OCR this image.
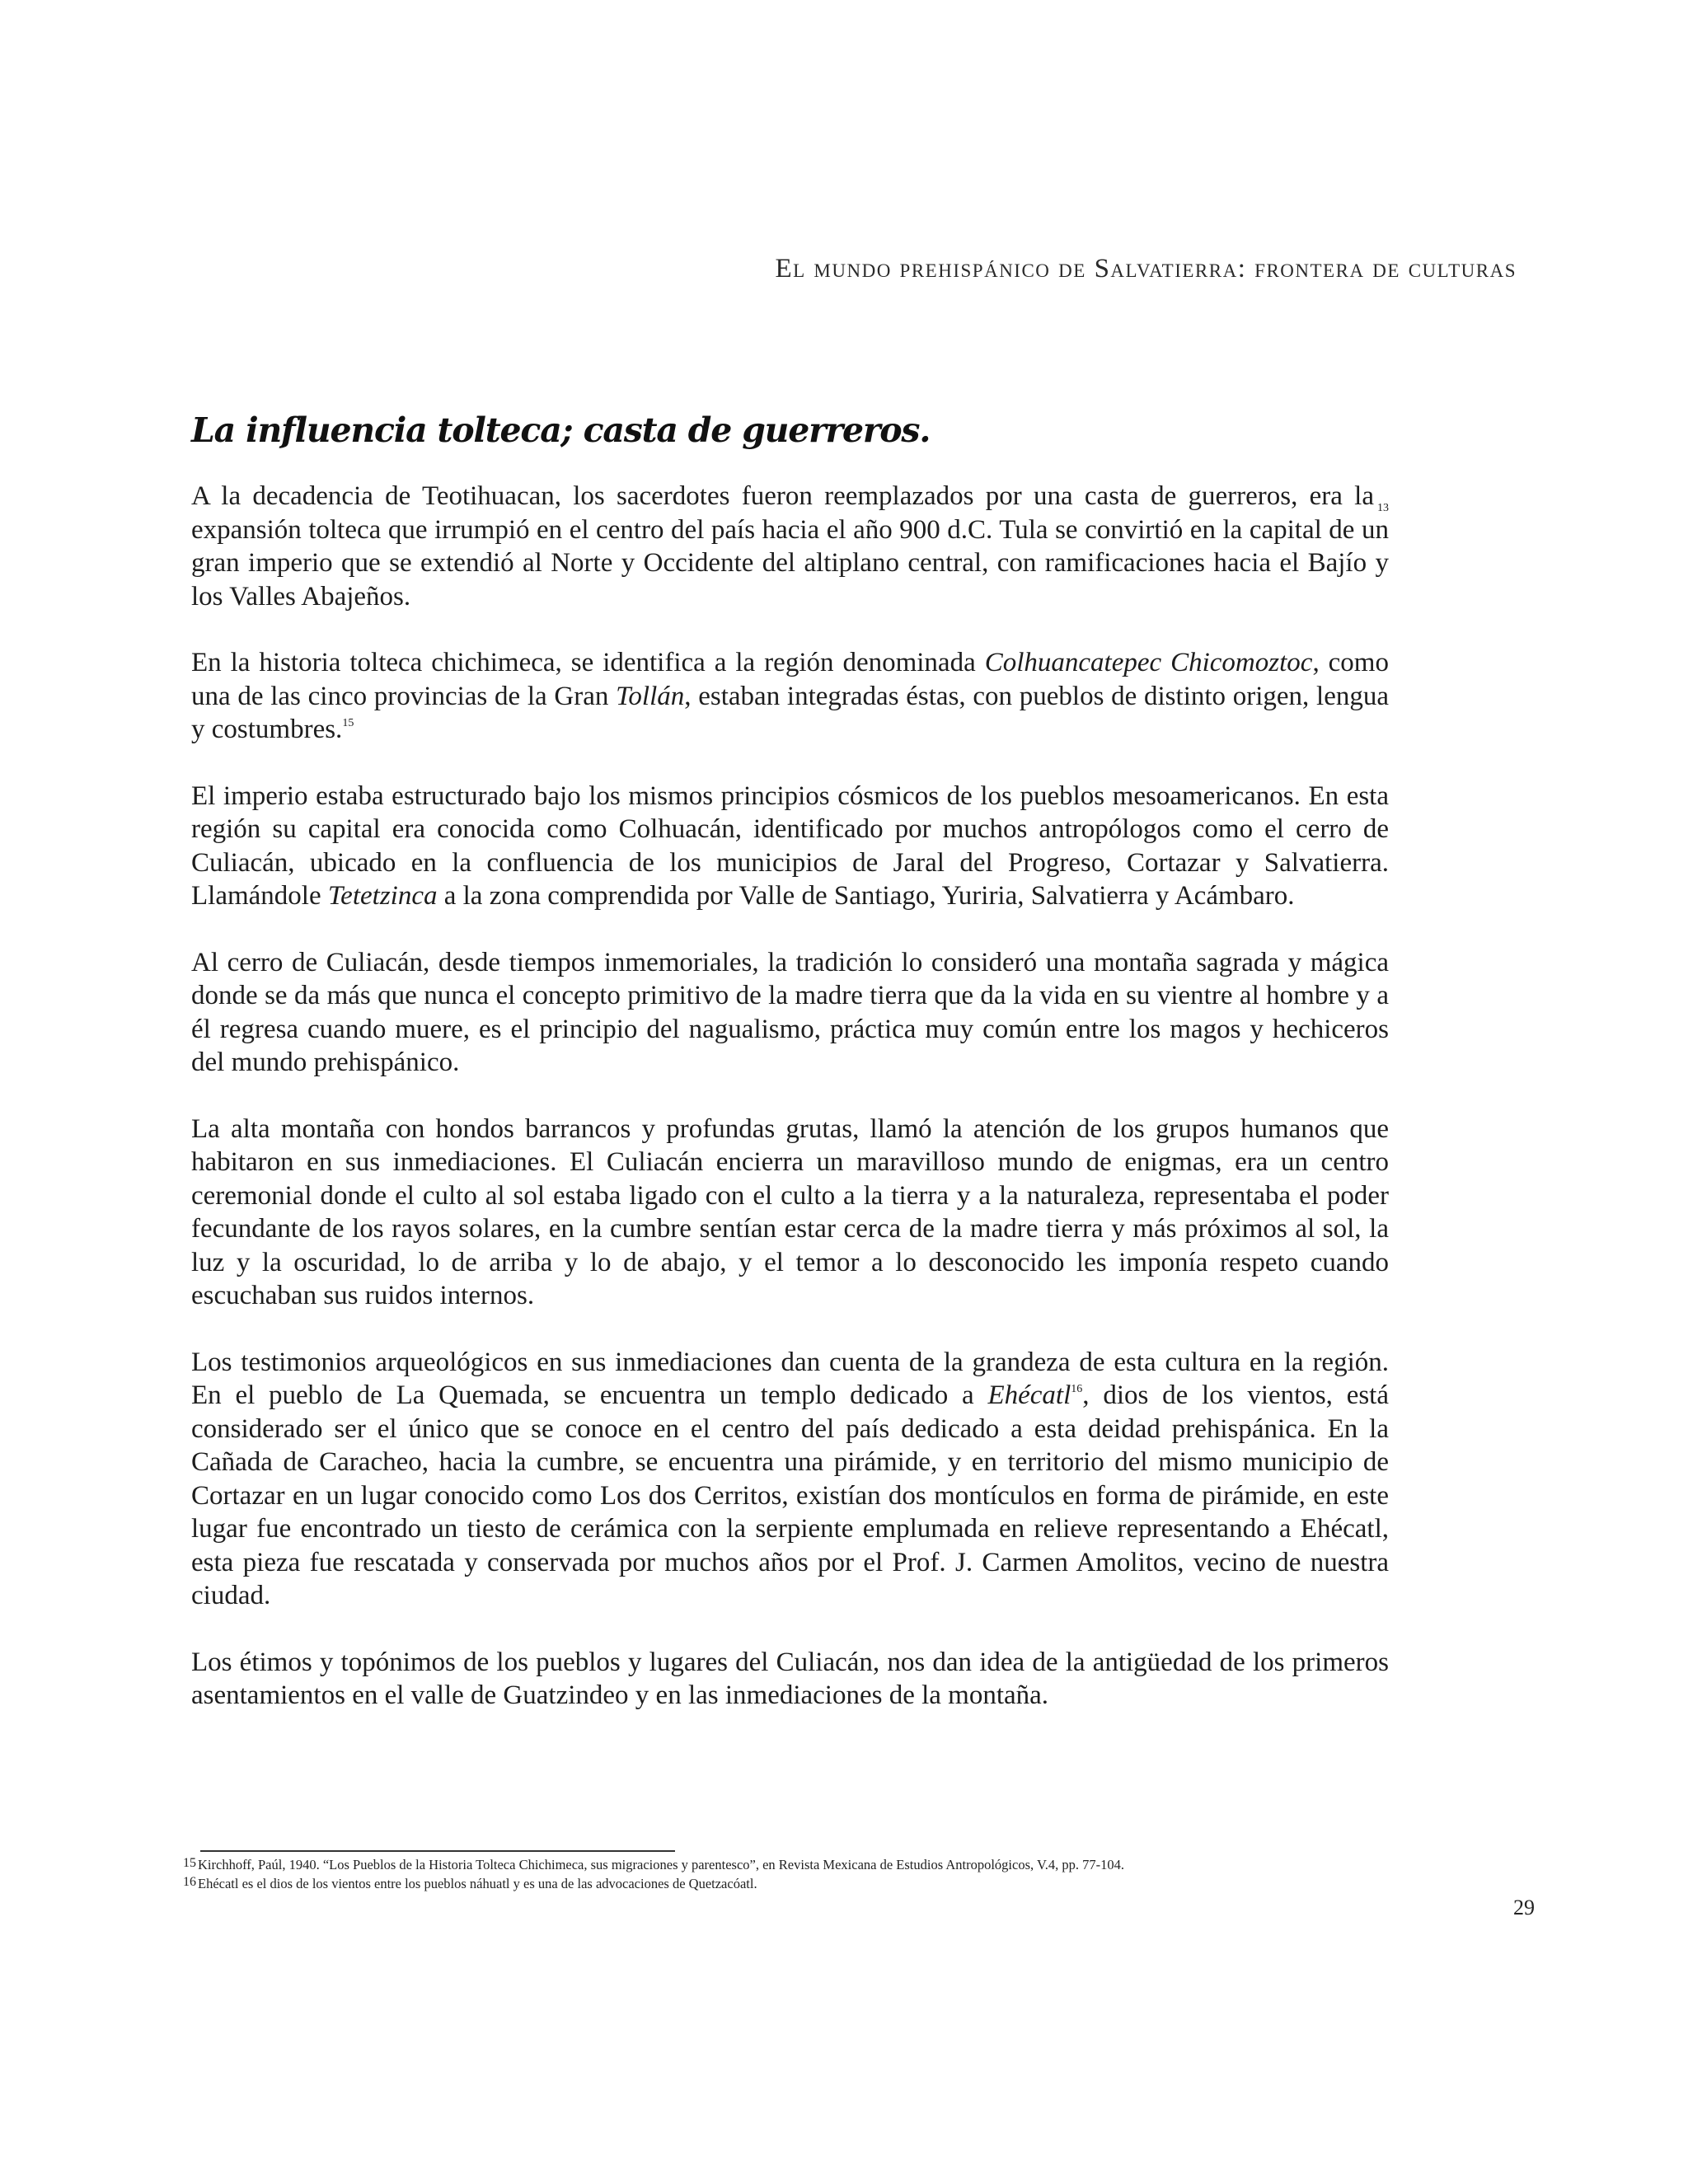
El mundo prehispánico de Salvatierra: frontera de culturas
La influencia tolteca; casta de guerreros.

A la decadencia de Teotihuacan, los sacerdotes fueron reemplazados por una casta de guerreros, era la $_{13}$ expansión tolteca que irrumpió en el centro del país hacia el año 900 d.C. Tula se convirtió en la capital de un gran imperio que se extendió al Norte y Occidente del altiplano central, con ramificaciones hacia el Bajío y los Valles Abajeños.

En la historia tolteca chichimeca, se identifica a la región denominada Colhuancatepec Chicomoztoc, como una de las cinco provincias de la Gran Tollán, estaban integradas éstas, con pueblos de distinto origen, lengua y costumbres.$^{15}$

El imperio estaba estructurado bajo los mismos principios cósmicos de los pueblos mesoamericanos. En esta región su capital era conocida como Colhuacán, identificado por muchos antropólogos como el cerro de Culiacán, ubicado en la confluencia de los municipios de Jaral del Progreso, Cortazar y Salvatierra. Llamándole Tetetzinca a la zona comprendida por Valle de Santiago, Yuriria, Salvatierra y Acámbaro.

Al cerro de Culiacán, desde tiempos inmemoriales, la tradición lo consideró una montaña sagrada y mágica donde se da más que nunca el concepto primitivo de la madre tierra que da la vida en su vientre al hombre y a él regresa cuando muere, es el principio del nagualismo, práctica muy común entre los magos y hechiceros del mundo prehispánico.

La alta montaña con hondos barrancos y profundas grutas, llamó la atención de los grupos humanos que habitaron en sus inmediaciones. El Culiacán encierra un maravilloso mundo de enigmas, era un centro ceremonial donde el culto al sol estaba ligado con el culto a la tierra y a la naturaleza, representaba el poder fecundante de los rayos solares, en la cumbre sentían estar cerca de la madre tierra y más próximos al sol, la luz y la oscuridad, lo de arriba y lo de abajo, y el temor a lo desconocido les imponía respeto cuando escuchaban sus ruidos internos.

Los testimonios arqueológicos en sus inmediaciones dan cuenta de la grandeza de esta cultura en la región. En el pueblo de La Quemada, se encuentra un templo dedicado a Ehécatl$^{16}$, dios de los vientos, está considerado ser el único que se conoce en el centro del país dedicado a esta deidad prehispánica. En la Cañada de Caracheo, hacia la cumbre, se encuentra una pirámide, y en territorio del mismo municipio de Cortazar en un lugar conocido como Los dos Cerritos, existían dos montículos en forma de pirámide, en este lugar fue encontrado un tiesto de cerámica con la serpiente emplumada en relieve representando a Ehécatl, esta pieza fue rescatada y conservada por muchos años por el Prof. J. Carmen Amolitos, vecino de nuestra ciudad.

Los étimos y topónimos de los pueblos y lugares del Culiacán, nos dan idea de la antigüedad de los primeros asentamientos en el valle de Guatzindeo y en las inmediaciones de la montaña.

15 Kirchhoff, Paúl, 1940. “Los Pueblos de la Historia Tolteca Chichimeca, sus migraciones y parentesco”, en Revista Mexicana de Estudios Antropológicos, V.4, pp. 77-104.
16 Ehécatl es el dios de los vientos entre los pueblos náhuatl y es una de las advocaciones de Quetzacóatl.
29
